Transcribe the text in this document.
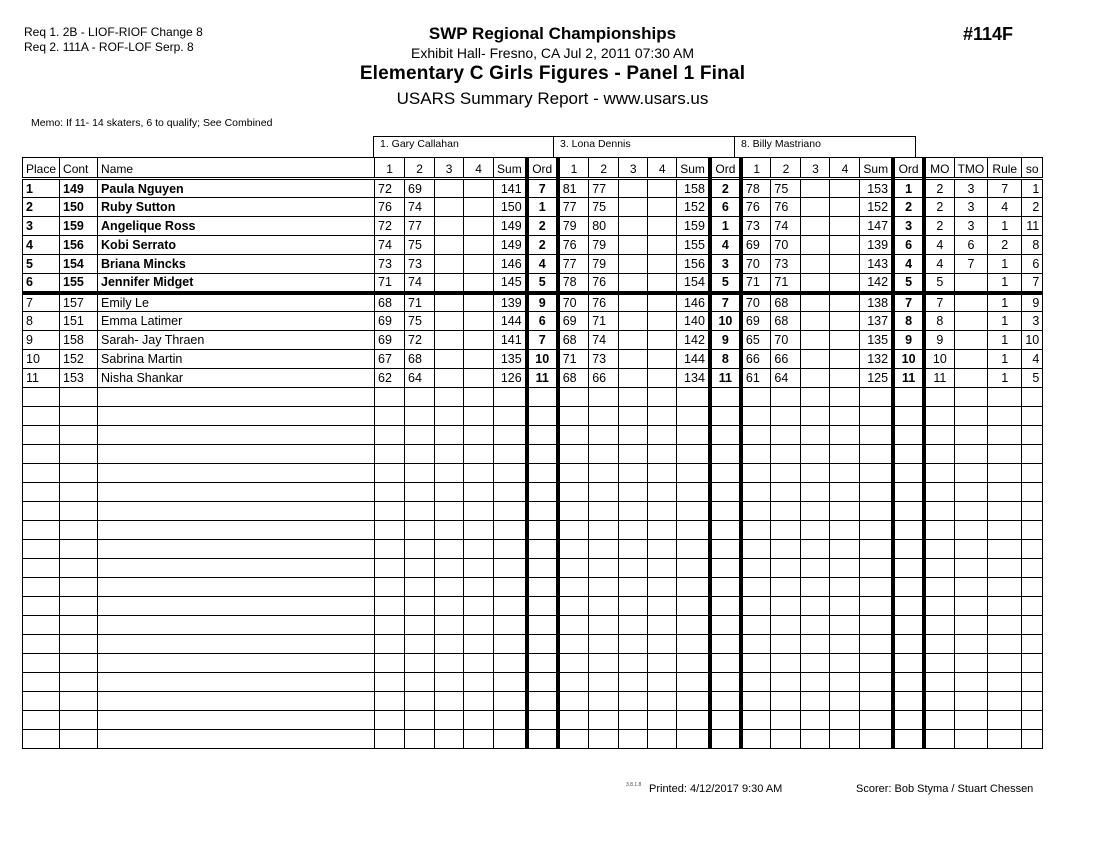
Req 1. 2B - LIOF-RIOF Change 8
Req 2. 111A - ROF-LOF Serp. 8
SWP Regional Championships
Exhibit Hall- Fresno, CA Jul 2, 2011 07:30 AM
Elementary C Girls Figures - Panel 1 Final
USARS Summary Report - www.usars.us
#114F
Memo: If 11- 14 skaters, 6 to qualify; See Combined
1. Gary Callahan	3. Lona Dennis	8. Billy Mastriano
Place	Cont	Name	1	2	3	4	Sum	Ord	1	2	3	4	Sum	Ord	1	2	3	4	Sum	Ord	MO	TMO	Rule	so
1	149	Paula Nguyen	72	69			141	7	81	77			158	2	78	75			153	1	2	3	7	1
2	150	Ruby Sutton	76	74			150	1	77	75			152	6	76	76			152	2	2	3	4	2
3	159	Angelique Ross	72	77			149	2	79	80			159	1	73	74			147	3	2	3	1	11
4	156	Kobi Serrato	74	75			149	2	76	79			155	4	69	70			139	6	4	6	2	8
5	154	Briana Mincks	73	73			146	4	77	79			156	3	70	73			143	4	4	7	1	6
6	155	Jennifer Midget	71	74			145	5	78	76			154	5	71	71			142	5	5		1	7
7	157	Emily Le	68	71			139	9	70	76			146	7	70	68			138	7	7		1	9
8	151	Emma Latimer	69	75			144	6	69	71			140	10	69	68			137	8	8		1	3
9	158	Sarah- Jay Thraen	69	72			141	7	68	74			142	9	65	70			135	9	9		1	10
10	152	Sabrina Martin	67	68			135	10	71	73			144	8	66	66			132	10	10		1	4
11	153	Nisha Shankar	62	64			126	11	68	66			134	11	61	64			125	11	11		1	5

3.8.1.8 Printed: 4/12/2017 9:30 AM	Scorer: Bob Styma / Stuart Chessen
